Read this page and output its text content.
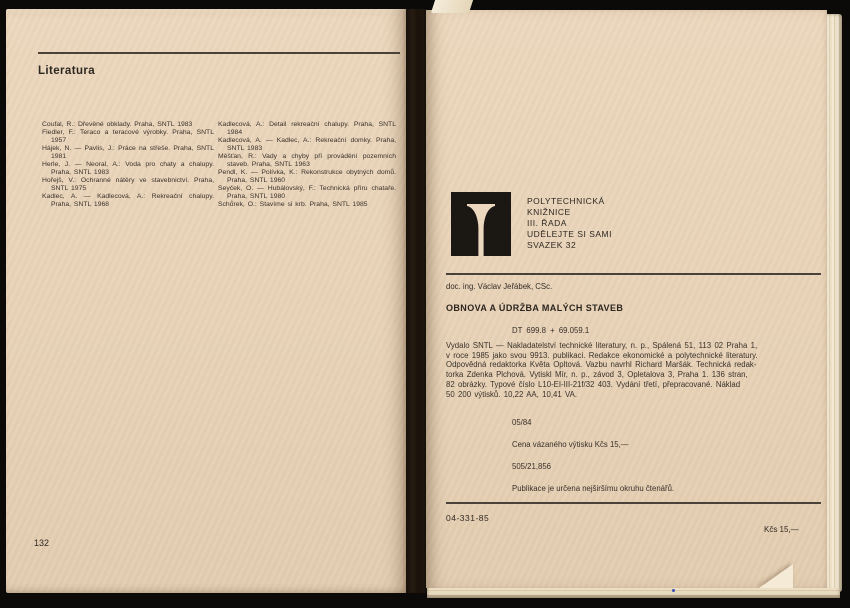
Literatura

Coufal, R.: Dřevěné obklady. Praha, SNTL 1983

Fiedler, F.: Teraco a teracové výrobky. Praha, SNTL 1957

Hájek, N. — Pavlis, J.: Práce na střeše. Praha, SNTL 1981

Herle, J. — Neoral, A.: Voda pro chaty a chalupy. Praha, SNTL 1983

Hořejš, V.: Ochranné nátěry ve stavebnictví. Praha, SNTL 1975

Kadlec, A. — Kadlecová, A.: Rekreační chalupy. Praha, SNTL 1968

Kadlecová, A.: Detail rekreační chalupy. Praha, SNTL 1984

Kadlecová, A. — Kadlec, A.: Rekreační domky. Praha, SNTL 1983

Měšťan, R.: Vady a chyby při provádění pozemních staveb. Praha, SNTL 1963

Pendl, K. — Polívka, K.: Rekonstrukce obytných domů. Praha, SNTL 1960

Seyček, O. — Hubálovský, F.: Technická příru chataře. Praha, SNTL 1980

Schůrek, O.: Stavíme si krb. Praha, SNTL 1985

132
POLYTECHNICKÁ
KNIŽNICE
III. ŘADA
UDĚLEJTE SI SAMI
SVAZEK 32
doc. ing. Václav Jeřábek, CSc.
OBNOVA A ÚDRŽBA MALÝCH STAVEB
DT 699.8 + 69.059.1
Vydalo SNTL — Nakladatelství technické literatury, n. p., Spálená 51, 113 02 Praha 1,
v roce 1985 jako svou 9913. publikaci. Redakce ekonomické a polytechnické literatury.
Odpovědná redaktorka Květa Opltová. Vazbu navrhl Richard Maršák. Technická redak-
torka Zdenka Plchová. Vytiskl Mír, n. p., závod 3, Opletalova 3, Praha 1. 136 stran,
82 obrázky. Typové číslo L10-EI-III-21f/32 403. Vydání třetí, přepracované. Náklad
50 200 výtisků. 10,22 AA, 10,41 VA.
05/84
Cena vázaného výtisku Kčs 15,—
505/21,856
Publikace je určena nejširšímu okruhu čtenářů.
04-331-85
Kčs 15,—
